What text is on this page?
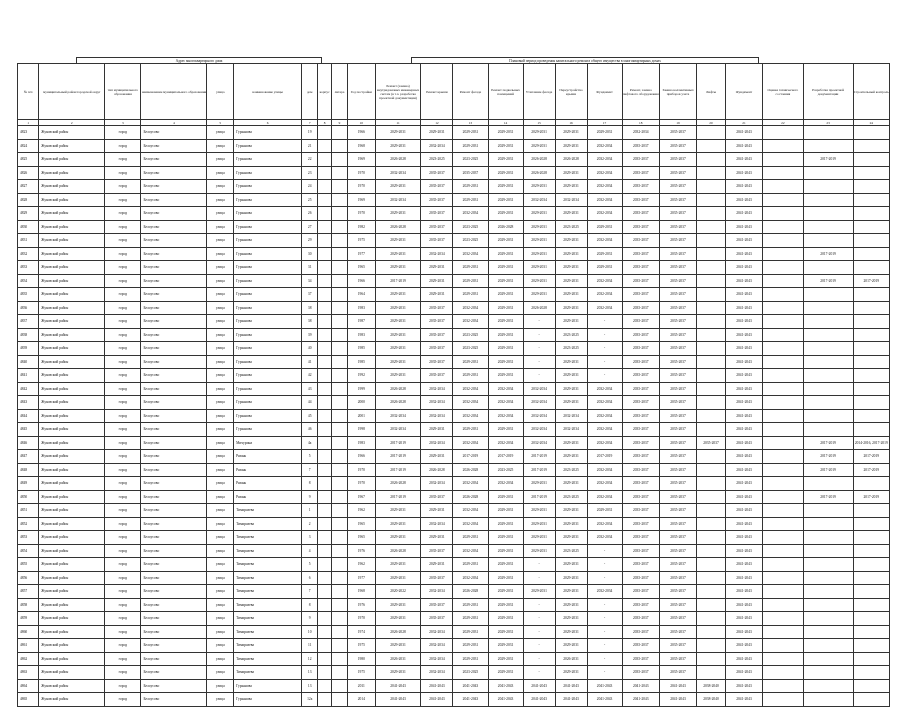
Адрес многоквартирного дома	Плановый период проведения капитального ремонта общего имущества в многоквартирных домах
№ п/п	муниципальный район/городской округ	тип муниципального образования	наименование муниципального образования	улица	наименование улицы	дом	корпус	литера	Год постройки	Ремонт (замена) внутридомовых инженерных систем (в т.ч. разработка проектной документации)	Ремонт крыши	Ремонт фасада	Ремонт подвальных помещений	Утепление фасада	Переустройство крыши	Фундамент	Ремонт, замена лифтового оборудования	Замена коллективных приборов учета	Лифты	Фундамент	Оценка технического состояния	Разработка проектной документации	Строительный контроль
1	2	3	4	5	6	7	8	9	10	11	12	13	14	15	16	17	18	19	20	21	22	23	24
4823	Жуковский район	город	Белоусово	улица	Гурьянова	19			1966	2029-2031	2029-2031	2029-2031	2029-2031	2029-2031	2029-2031	2029-2031	2032-2034	2035-2037		2041-2043			
4824	Жуковский район	город	Белоусово	улица	Гурьянова	21			1968	2029-2031	2032-2034	2029-2031	2029-2031	2029-2031	2029-2031	2032-2034	2035-2037	2035-2037		2041-2043			
4825	Жуковский район	город	Белоусово	улица	Гурьянова	22			1969	2026-2028	2023-2025	2023-2025	2029-2031	2026-2028	2026-2028	2032-2034	2035-2037	2035-2037		2041-2043		2017-2019	
4826	Жуковский район	город	Белоусово	улица	Гурьянова	23			1970	2032-2034	2035-2037	2035-2037	2029-2031	2026-2028	2029-2031	2032-2034	2035-2037	2035-2037		2041-2043			
4827	Жуковский район	город	Белоусово	улица	Гурьянова	24			1970	2029-2031	2035-2037	2029-2031	2029-2031	2029-2031	2029-2031	2032-2034	2035-2037	2035-2037		2041-2043			
4828	Жуковский район	город	Белоусово	улица	Гурьянова	25			1969	2032-2034	2035-2037	2029-2031	2029-2031	2032-2034	2032-2034	2032-2034	2035-2037	2035-2037		2041-2043			
4829	Жуковский район	город	Белоусово	улица	Гурьянова	26			1970	2029-2031	2035-2037	2032-2034	2029-2031	2029-2031	2029-2031	2032-2034	2035-2037	2035-2037		2041-2043			
4830	Жуковский район	город	Белоусово	улица	Гурьянова	27			1982	2026-2028	2035-2037	2023-2025	2026-2028	2029-2031	2023-2025	2029-2031	2035-2037	2035-2037		2041-2043			
4831	Жуковский район	город	Белоусово	улица	Гурьянова	29			1975	2029-2031	2035-2037	2023-2025	2029-2031	2029-2031	2029-2031	2032-2034	2035-2037	2035-2037		2041-2043			
4832	Жуковский район	город	Белоусово	улица	Гурьянова	30			1977	2029-2031	2032-2034	2032-2034	2029-2031	2029-2031	2029-2031	2029-2031	2035-2037	2035-2037		2041-2043		2017-2019	
4833	Жуковский район	город	Белоусово	улица	Гурьянова	31			1965	2029-2031	2029-2031	2029-2031	2029-2031	2029-2031	2029-2031	2029-2031	2035-2037	2035-2037		2041-2043			
4834	Жуковский район	город	Белоусово	улица	Гурьянова	34			1966	2017-2019	2029-2031	2029-2031	2029-2031	2029-2031	2029-2031	2032-2034	2035-2037	2035-2037		2041-2043		2017-2019	2017-2019
4835	Жуковский район	город	Белоусово	улица	Гурьянова	37			1964	2029-2031	2029-2031	2029-2031	2029-2031	2029-2031	2029-2031	2032-2034	2035-2037	2035-2037		2041-2043			
4836	Жуковский район	город	Белоусово	улица	Гурьянова	38			1983	2029-2031	2035-2037	2032-2034	2029-2031	2026-2028	2029-2031	2032-2034	2035-2037	2035-2037		2041-2043			
4837	Жуковский район	город	Белоусово	улица	Гурьянова	38			1987	2029-2031	2035-2037	2032-2034	2029-2031	-	2029-2031	-	2035-2037	2035-2037		2041-2043			
4838	Жуковский район	город	Белоусово	улица	Гурьянова	39			1983	2029-2031	2035-2037	2023-2025	2029-2031	-	2023-2025	-	2035-2037	2035-2037		2041-2043			
4839	Жуковский район	город	Белоусово	улица	Гурьянова	40			1985	2029-2031	2035-2037	2023-2025	2029-2031	-	2023-2025	-	2035-2037	2035-2037		2041-2043			
4840	Жуковский район	город	Белоусово	улица	Гурьянова	41			1985	2029-2031	2035-2037	2029-2031	2029-2031	-	2029-2031	-	2035-2037	2035-2037		2041-2043			
4841	Жуковский район	город	Белоусово	улица	Гурьянова	42			1992	2029-2031	2035-2037	2029-2031	2029-2031	-	2029-2031	-	2035-2037	2035-2037		2041-2043			
4842	Жуковский район	город	Белоусово	улица	Гурьянова	43			1999	2026-2028	2032-2034	2032-2034	2032-2034	2032-2034	2029-2031	2032-2034	2035-2037	2035-2037		2041-2043			
4843	Жуковский район	город	Белоусово	улица	Гурьянова	44			2000	2026-2028	2032-2034	2032-2034	2032-2034	2032-2034	2029-2031	2032-2034	2035-2037	2035-2037		2041-2043			
4844	Жуковский район	город	Белоусово	улица	Гурьянова	45			2001	2032-2034	2032-2034	2032-2034	2032-2034	2032-2034	2032-2034	2032-2034	2035-2037	2035-2037		2041-2043			
4845	Жуковский район	город	Белоусово	улица	Гурьянова	46			1998	2032-2034	2029-2031	2029-2031	2029-2031	2032-2034	2032-2034	2032-2034	2035-2037	2035-2037		2041-2043			
4846	Жуковский район	город	Белоусово	улица	Мичурина	4а			1983	2017-2019	2032-2034	2032-2034	2032-2034	2032-2034	2029-2031	2032-2034	2035-2037	2035-2037	2035-2037	2041-2043		2017-2019	2014-2016, 2017-2019
4847	Жуковский район	город	Белоусово	улица	Рязань	5			1966	2017-2019	2029-2031	2017-2019	2017-2019	2017-2019	2029-2031	2017-2019	2035-2037	2035-2037		2041-2043		2017-2019	2017-2019
4848	Жуковский район	город	Белоусово	улица	Рязань	7			1970	2017-2019	2026-2028	2026-2028	2023-2025	2017-2019	2023-2025	2032-2034	2035-2037	2035-2037		2041-2043		2017-2019	2017-2019
4849	Жуковский район	город	Белоусово	улица	Рязань	8			1970	2026-2028	2032-2034	2032-2034	2032-2034	2029-2031	2029-2031	2032-2034	2035-2037	2035-2037		2041-2043			
4850	Жуковский район	город	Белоусово	улица	Рязань	9			1967	2017-2019	2035-2037	2026-2028	2029-2031	2017-2019	2023-2025	2032-2034	2035-2037	2035-2037		2041-2043		2017-2019	2017-2019
4851	Жуковский район	город	Белоусово	улица	Тимирязева	1			1962	2029-2031	2029-2031	2032-2034	2029-2031	2029-2031	2029-2031	2029-2031	2035-2037	2035-2037		2041-2043			
4852	Жуковский район	город	Белоусово	улица	Тимирязева	2			1965	2029-2031	2032-2034	2032-2034	2029-2031	2029-2031	2029-2031	2032-2034	2035-2037	2035-2037		2041-2043			
4853	Жуковский район	город	Белоусово	улица	Тимирязева	3			1965	2029-2031	2029-2031	2029-2031	2029-2031	2029-2031	2029-2031	2032-2034	2035-2037	2035-2037		2041-2043			
4854	Жуковский район	город	Белоусово	улица	Тимирязева	4			1976	2026-2028	2035-2037	2032-2034	2029-2031	2029-2031	2023-2025	-	2035-2037	2035-2037		2041-2043			
4855	Жуковский район	город	Белоусово	улица	Тимирязева	5			1962	2029-2031	2029-2031	2029-2031	2029-2031	-	2029-2031	-	2035-2037	2035-2037		2041-2043			
4856	Жуковский район	город	Белоусово	улица	Тимирязева	6			1977	2029-2031	2035-2037	2032-2034	2029-2031	-	2029-2031	-	2035-2037	2035-2037		2041-2043			
4857	Жуковский район	город	Белоусово	улица	Тимирязева	7			1968	2020-2022	2032-2034	2026-2028	2029-2031	2029-2031	2029-2031	2032-2034	2035-2037	2035-2037		2041-2043			
4858	Жуковский район	город	Белоусово	улица	Тимирязева	8			1976	2029-2031	2035-2037	2029-2031	2029-2031	-	2029-2031	-	2035-2037	2035-2037		2041-2043			
4859	Жуковский район	город	Белоусово	улица	Тимирязева	9			1970	2029-2031	2035-2037	2029-2031	2029-2031	-	2029-2031	-	2035-2037	2035-2037		2041-2043			
4860	Жуковский район	город	Белоусово	улица	Тимирязева	10			1974	2026-2028	2032-2034	2029-2031	2029-2031	-	2029-2031	-	2035-2037	2035-2037		2041-2043			
4861	Жуковский район	город	Белоусово	улица	Тимирязева	11			1975	2029-2031	2032-2034	2029-2031	2029-2031	-	2029-2031	-	2035-2037	2035-2037		2041-2043			
4862	Жуковский район	город	Белоусово	улица	Тимирязева	12			1980	2026-2031	2032-2034	2029-2031	2029-2031	-	2026-2031	-	2035-2037	2035-2037		2041-2043			
4863	Жуковский район	город	Белоусово	улица	Тимирязева	13			1975	2029-2031	2032-2034	2023-2025	2029-2031	-	2029-2031	-	2035-2037	2035-2037		2041-2043			
4864	Жуковский район	город	Белоусово	улица	Гурьянова	13			2011	2041-2043	2041-2043	2041-2043	2041-2043	2041-2043	2041-2043	2041-2043	2041-2043	2041-2043	2038-2040	2041-2043			
4865	Жуковский район	город	Белоусово	улица	Гурьянова	12а			2014	2041-2043	2041-2043	2041-2043	2041-2043	2041-2043	2041-2043	2041-2043	2041-2043	2041-2043	2038-2040	2041-2043			
